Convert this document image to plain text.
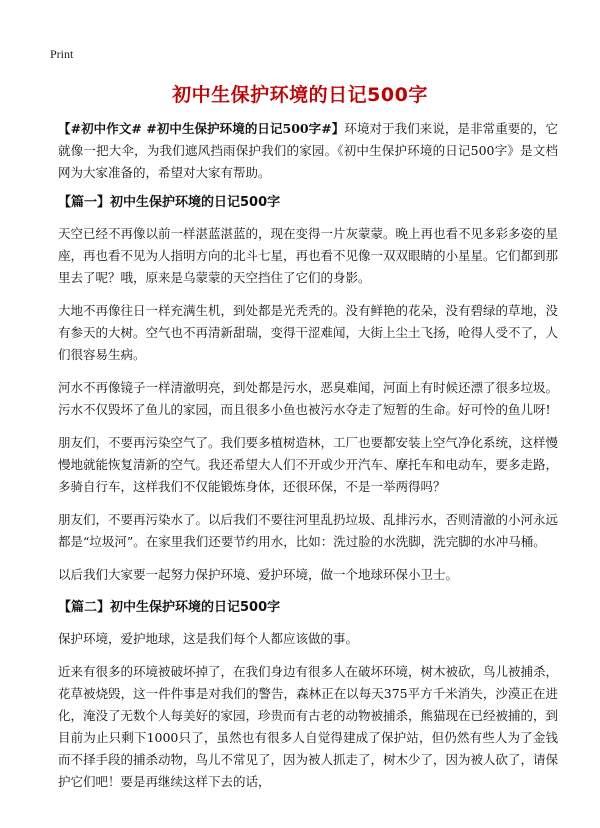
Print
初中生保护环境的日记500字

【#初中作文# #初中生保护环境的日记500字#】环境对于我们来说，是非常重要的，它就像一把大伞，为我们遮风挡雨保护我们的家园。《初中生保护环境的日记500字》是文档网为大家准备的，希望对大家有帮助。

【篇一】初中生保护环境的日记500字

天空已经不再像以前一样湛蓝湛蓝的，现在变得一片灰蒙蒙。晚上再也看不见多彩多姿的星座，再也看不见为人指明方向的北斗七星，再也看不见像一双双眼睛的小星星。它们都到那里去了呢？哦，原来是乌蒙蒙的天空挡住了它们的身影。

大地不再像往日一样充满生机，到处都是光秃秃的。没有鲜艳的花朵，没有碧绿的草地，没有参天的大树。空气也不再清新甜瑞，变得干涩难闻，大街上尘土飞扬，呛得人受不了，人们很容易生病。

河水不再像镜子一样清澈明亮，到处都是污水，恶臭难闻，河面上有时候还漂了很多垃圾。污水不仅毁坏了鱼儿的家园，而且很多小鱼也被污水夺走了短暂的生命。好可怜的鱼儿呀!

朋友们，不要再污染空气了。我们要多植树造林，工厂也要都安装上空气净化系统，这样慢慢地就能恢复清新的空气。我还希望大人们不开或少开汽车、摩托车和电动车，要多走路，多骑自行车，这样我们不仅能锻炼身体，还很环保，不是一举两得吗？

朋友们，不要再污染水了。以后我们不要往河里乱扔垃圾、乱排污水，否则清澈的小河永远都是“垃圾河”。在家里我们还要节约用水，比如：洗过脸的水洗脚，洗完脚的水冲马桶。

以后我们大家要一起努力保护环境、爱护环境，做一个地球环保小卫士。

【篇二】初中生保护环境的日记500字

保护环境，爱护地球，这是我们每个人都应该做的事。

近来有很多的环境被破坏掉了，在我们身边有很多人在破坏环境，树木被砍，鸟儿被捕杀，花草被烧毁，这一件件事是对我们的警告，森林正在以每天375平方千米消失，沙漠正在进化，淹没了无数个人每美好的家园，珍贵而有古老的动物被捕杀，熊猫现在已经被捕的，到目前为止只剩下1000只了，虽然也有很多人自觉得建成了保护站，但仍然有些人为了金钱而不择手段的捕杀动物，鸟儿不常见了，因为被人抓走了，树木少了，因为被人砍了，请保护它们吧！要是再继续这样下去的话，
